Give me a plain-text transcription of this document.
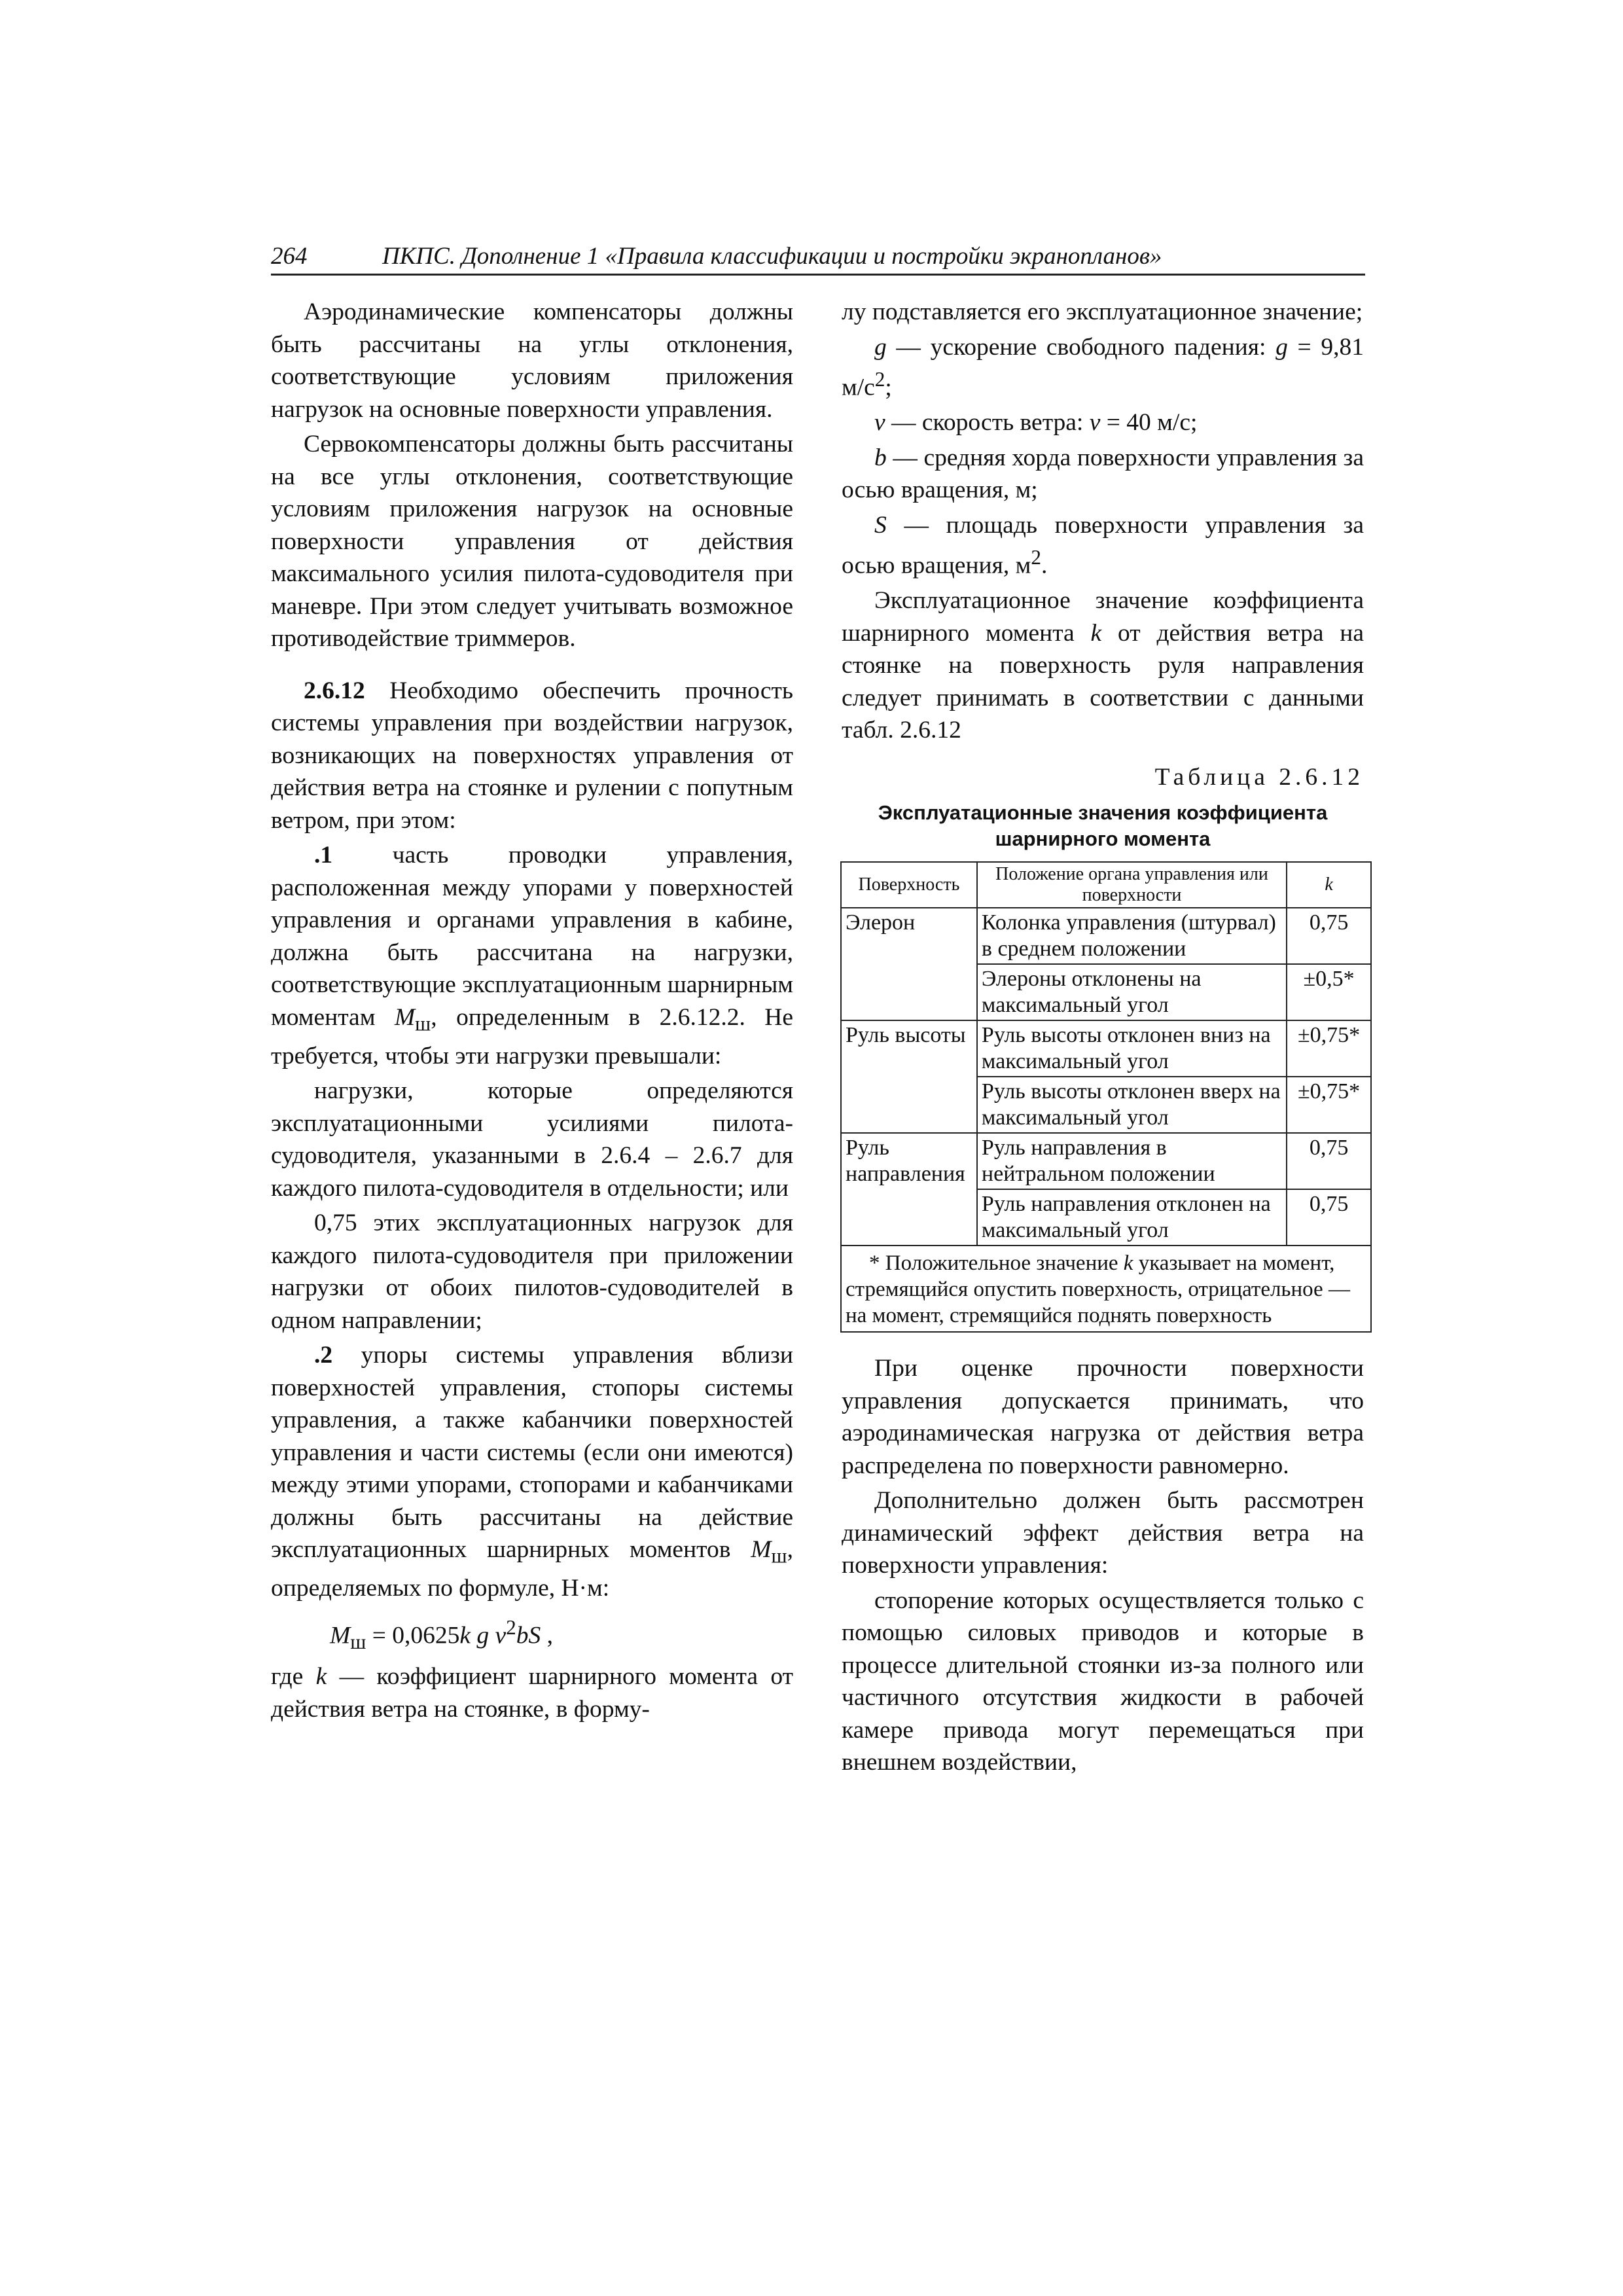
264	ПКПС. Дополнение 1 «Правила классификации и постройки экранопланов»

Аэродинамические компенсаторы должны быть рассчитаны на углы отклонения, соответствующие условиям приложения нагрузок на основные поверхности управления.

Сервокомпенсаторы должны быть рассчитаны на все углы отклонения, соответствующие условиям приложения нагрузок на основные поверхности управления от действия максимального усилия пилота-судоводителя при маневре. При этом следует учитывать возможное противодействие триммеров.

2.6.12 Необходимо обеспечить прочность системы управления при воздействии нагрузок, возникающих на поверхностях управления от действия ветра на стоянке и рулении с попутным ветром, при этом:

.1 часть проводки управления, расположенная между упорами у поверхностей управления и органами управления в кабине, должна быть рассчитана на нагрузки, соответствующие эксплуатационным шарнирным моментам $M_ш$, определенным в 2.6.12.2. Не требуется, чтобы эти нагрузки превышали:

нагрузки, которые определяются эксплуатационными усилиями пилота-судоводителя, указанными в 2.6.4 – 2.6.7 для каждого пилота-судоводителя в отдельности; или

0,75 этих эксплуатационных нагрузок для каждого пилота-судоводителя при приложении нагрузки от обоих пилотов-судоводителей в одном направлении;

.2 упоры системы управления вблизи поверхностей управления, стопоры системы управления, а также кабанчики поверхностей управления и части системы (если они имеются) между этими упорами, стопорами и кабанчиками должны быть рассчитаны на действие эксплуатационных шарнирных моментов $M_ш$, определяемых по формуле, Н·м:

$M_ш = 0,0625k$ g $v^2bS$ ,

где k — коэффициент шарнирного момента от действия ветра на стоянке, в форму-

лу подставляется его эксплуатационное значение;

g — ускорение свободного падения: g = 9,81 $м/с^2$;

v — скорость ветра: v = 40 м/с;

b — средняя хорда поверхности управления за осью вращения, м;

S — площадь поверхности управления за осью вращения, $м^2$.

Эксплуатационное значение коэффициента шарнирного момента k от действия ветра на стоянке на поверхность руля направления следует принимать в соответствии с данными табл. 2.6.12

Таблица 2.6.12
Эксплуатационные значения коэффициента шарнирного момента
Поверхность	Положение органа управления или поверхности	k
Элерон	Колонка управления (штурвал) в среднем положении	0,75
	Элероны отклонены на максимальный угол	±0,5*
Руль высоты	Руль высоты отклонен вниз на максимальный угол	±0,75*
	Руль высоты отклонен вверх на максимальный угол	±0,75*
Руль направления	Руль направления в нейтральном положении	0,75
	Руль направления отклонен на максимальный угол	0,75
* Положительное значение k указывает на момент, стремящийся опустить поверхность, отрицательное — на момент, стремящийся поднять поверхность		

При оценке прочности поверхности управления допускается принимать, что аэродинамическая нагрузка от действия ветра распределена по поверхности равномерно.

Дополнительно должен быть рассмотрен динамический эффект действия ветра на поверхности управления:

стопорение которых осуществляется только с помощью силовых приводов и которые в процессе длительной стоянки из-за полного или частичного отсутствия жидкости в рабочей камере привода могут перемещаться при внешнем воздействии,
